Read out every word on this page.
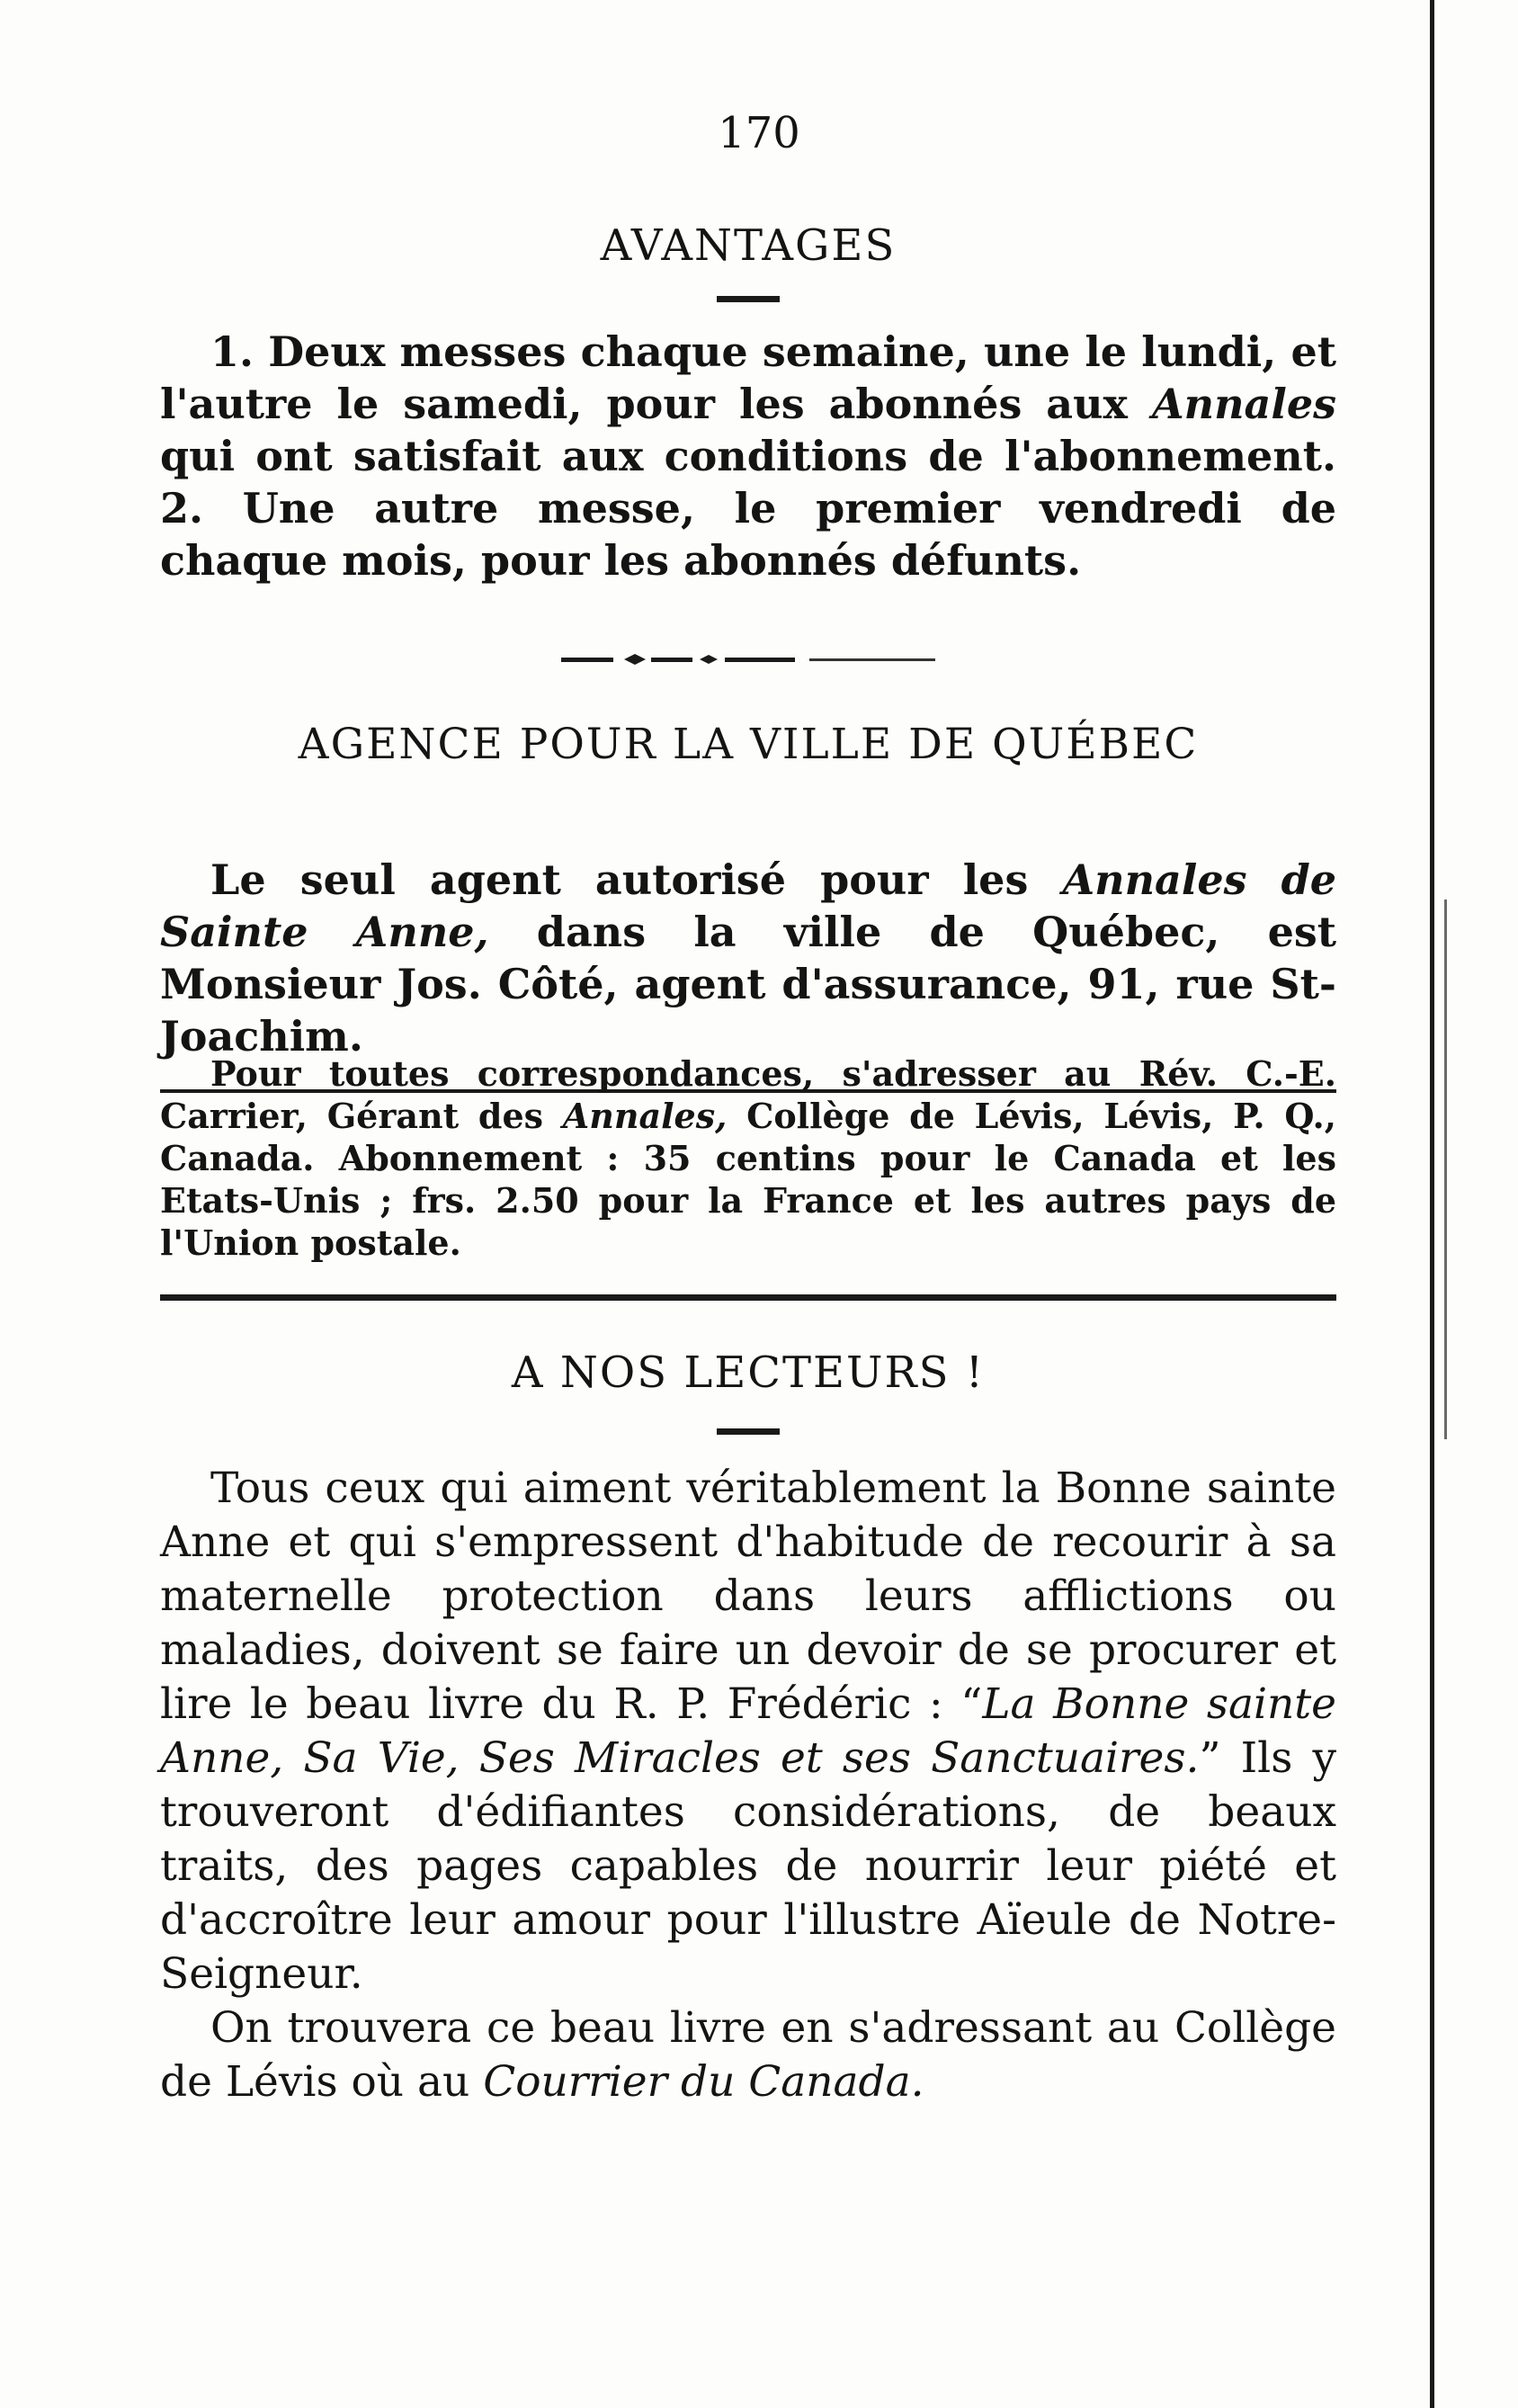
170
AVANTAGES

1. Deux messes chaque semaine, une le lundi, et l'autre le samedi, pour les abonnés aux Annales qui ont satisfait aux conditions de l'abonnement. 2. Une autre messe, le premier vendredi de chaque mois, pour les abonnés défunts.

AGENCE POUR LA VILLE DE QUÉBEC

Le seul agent autorisé pour les Annales de Sainte Anne, dans la ville de Québec, est Monsieur Jos. Côté, agent d'assurance, 91, rue St-Joachim.

Pour toutes correspondances, s'adresser au Rév. C.-E. Carrier, Gérant des Annales, Collège de Lévis, Lévis, P. Q., Canada. Abonnement : 35 centins pour le Canada et les Etats-Unis ; frs. 2.50 pour la France et les autres pays de l'Union postale.

A NOS LECTEURS !

Tous ceux qui aiment véritablement la Bonne sainte Anne et qui s'empressent d'habitude de recourir à sa maternelle protection dans leurs afflictions ou maladies, doivent se faire un devoir de se procurer et lire le beau livre du R. P. Frédéric : “La Bonne sainte Anne, Sa Vie, Ses Miracles et ses Sanctuaires.” Ils y trouveront d'édifiantes considérations, de beaux traits, des pages capables de nourrir leur piété et d'accroître leur amour pour l'illustre Aïeule de Notre-Seigneur.

On trouvera ce beau livre en s'adressant au Collège de Lévis où au Courrier du Canada.
